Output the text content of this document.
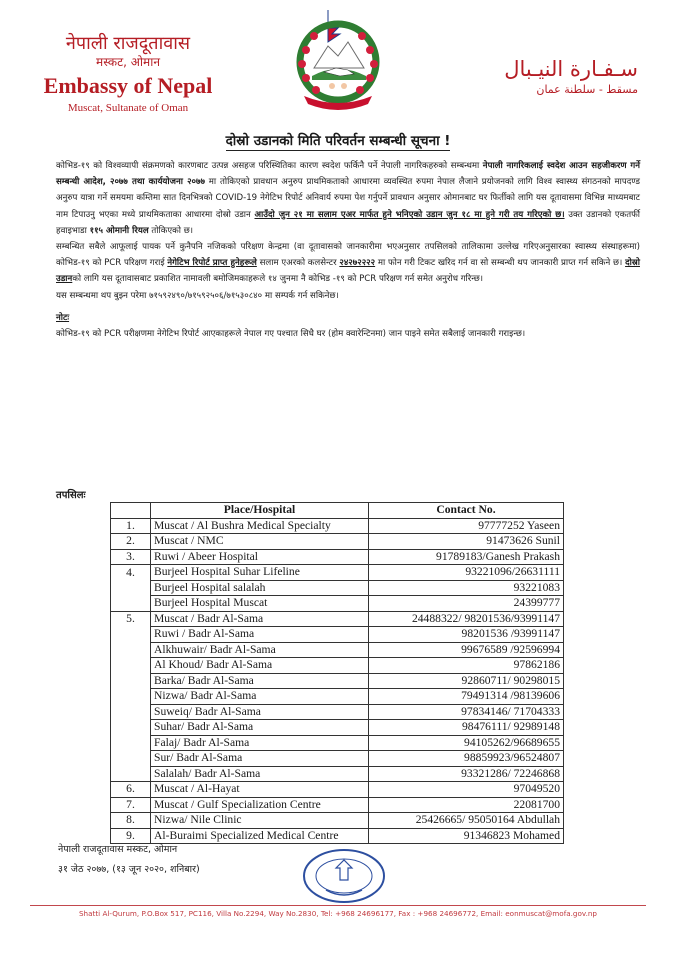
नेपाली राजदूतावास
मस्कट, ओमान
Embassy of Nepal
Muscat, Sultanate of Oman
سـفـارة النيـبال
مسقط - سلطنة عمان
दोस्रो उडानको मिति परिवर्तन सम्बन्धी सूचना !

कोभिड-१९ को विश्वव्यापी संक्रमणको कारणबाट उत्पन्न असहज परिस्थितिका कारण स्वदेश फर्किनै पर्ने नेपाली नागरिकहरुको सम्बन्धमा नेपाली नागरिकलाई स्वदेश आउन सहजीकरण गर्ने सम्बन्धी आदेश, २०७७ तथा कार्ययोजना २०७७ मा तोकिएको प्रावधान अनुरुप प्राथमिकताको आधारमा व्यवस्थित रुपमा नेपाल लैजाने प्रयोजनको लागि विश्व स्वास्थ्य संगठनको मापदण्ड अनुरुप यात्रा गर्ने समयमा कम्तिमा सात दिनभित्रको COVID-19 नेगेटिभ रिपोर्ट अनिवार्य रुपमा पेश गर्नुपर्ने प्रावधान अनुसार ओमानबाट घर फिर्तीको लागि यस दूतावासमा विभिन्न माध्यमबाट नाम टिपाउनु भएका मध्ये प्राथमिकताका आधारमा दोस्रो उडान आउँदो जुन २१ मा सलाम एअर मार्फत हुने भनिएको उडान जुन १८ मा हुने गरी तय गरिएको छ। उक्त उडानको एकतर्फी हवाइभाडा ११५ ओमानी रियल तोकिएको छ।

सम्बन्धित सबैले आफूलाई पायक पर्ने कुनैपनि नजिकको परिक्षण केन्द्रमा (वा दूतावासको जानकारीमा भएअनुसार तपसिलको तालिकामा उल्लेख गरिएअनुसारका स्वास्थ्य संस्थाहरूमा) कोभिड-१९ को PCR परिक्षण गराई नेगेटिभ रिपोर्ट प्राप्त हुनेहरूले सलाम एअरको कलसेन्टर २४२७२२२२ मा फोन गरी टिकट खरिद गर्न वा सो सम्बन्धी थप जानकारी प्राप्त गर्न सकिने छ। दोस्रो उडानको लागि यस दूतावासबाट प्रकाशित नामावली बमोजिमकाहरूले १४ जुनमा नै कोभिड -१९ को PCR परिक्षण गर्न समेत अनुरोध गरिन्छ।

यस सम्बन्धमा थप बुझ्न परेमा ७१५९२४९०/७१५९२५०६/७१५३०८४० मा सम्पर्क गर्न सकिनेछ।

नोटः

कोभिड-१९ को PCR परीक्षणमा नेगेटिभ रिपोर्ट आएकाहरूले नेपाल गए पश्चात सिधै घर (होम क्वारेन्टिनमा) जान पाइने समेत सबैलाई जानकारी गराइन्छ।

तपसिलः
	Place/Hospital	Contact No.
1.	Muscat / Al Bushra Medical Specialty	97777252 Yaseen
2.	Muscat / NMC	91473626 Sunil
3.	Ruwi / Abeer Hospital	91789183/Ganesh Prakash
4.	Burjeel Hospital Suhar Lifeline	93221096/26631111
	Burjeel Hospital salalah	93221083
	Burjeel Hospital Muscat	24399777
5.	Muscat / Badr Al-Sama	24488322/ 98201536/93991147
	Ruwi / Badr Al-Sama	98201536 /93991147
	Alkhuwair/ Badr Al-Sama	99676589 /92596994
	Al Khoud/ Badr Al-Sama	97862186
	Barka/ Badr Al-Sama	92860711/ 90298015
	Nizwa/ Badr Al-Sama	79491314 /98139606
	Suweiq/ Badr Al-Sama	97834146/ 71704333
	Suhar/ Badr Al-Sama	98476111/ 92989148
	Falaj/ Badr Al-Sama	94105262/96689655
	Sur/ Badr Al-Sama	98859923/96524807
	Salalah/ Badr Al-Sama	93321286/ 72246868
6.	Muscat / Al-Hayat	97049520
7.	Muscat / Gulf Specialization Centre	22081700
8.	Nizwa/ Nile Clinic	25426665/ 95050164 Abdullah
9.	Al-Buraimi Specialized Medical Centre	91346823 Mohamed
नेपाली राजदूतावास मस्कट, ओमान
३१ जेठ २०७७, (१३ जून २०२०, शनिबार)
Shatti Al-Qurum, P.O.Box 517, PC116, Villa No.2294, Way No.2830, Tel: +968 24696177, Fax : +968 24696772, Email: eonmuscat@mofa.gov.np
